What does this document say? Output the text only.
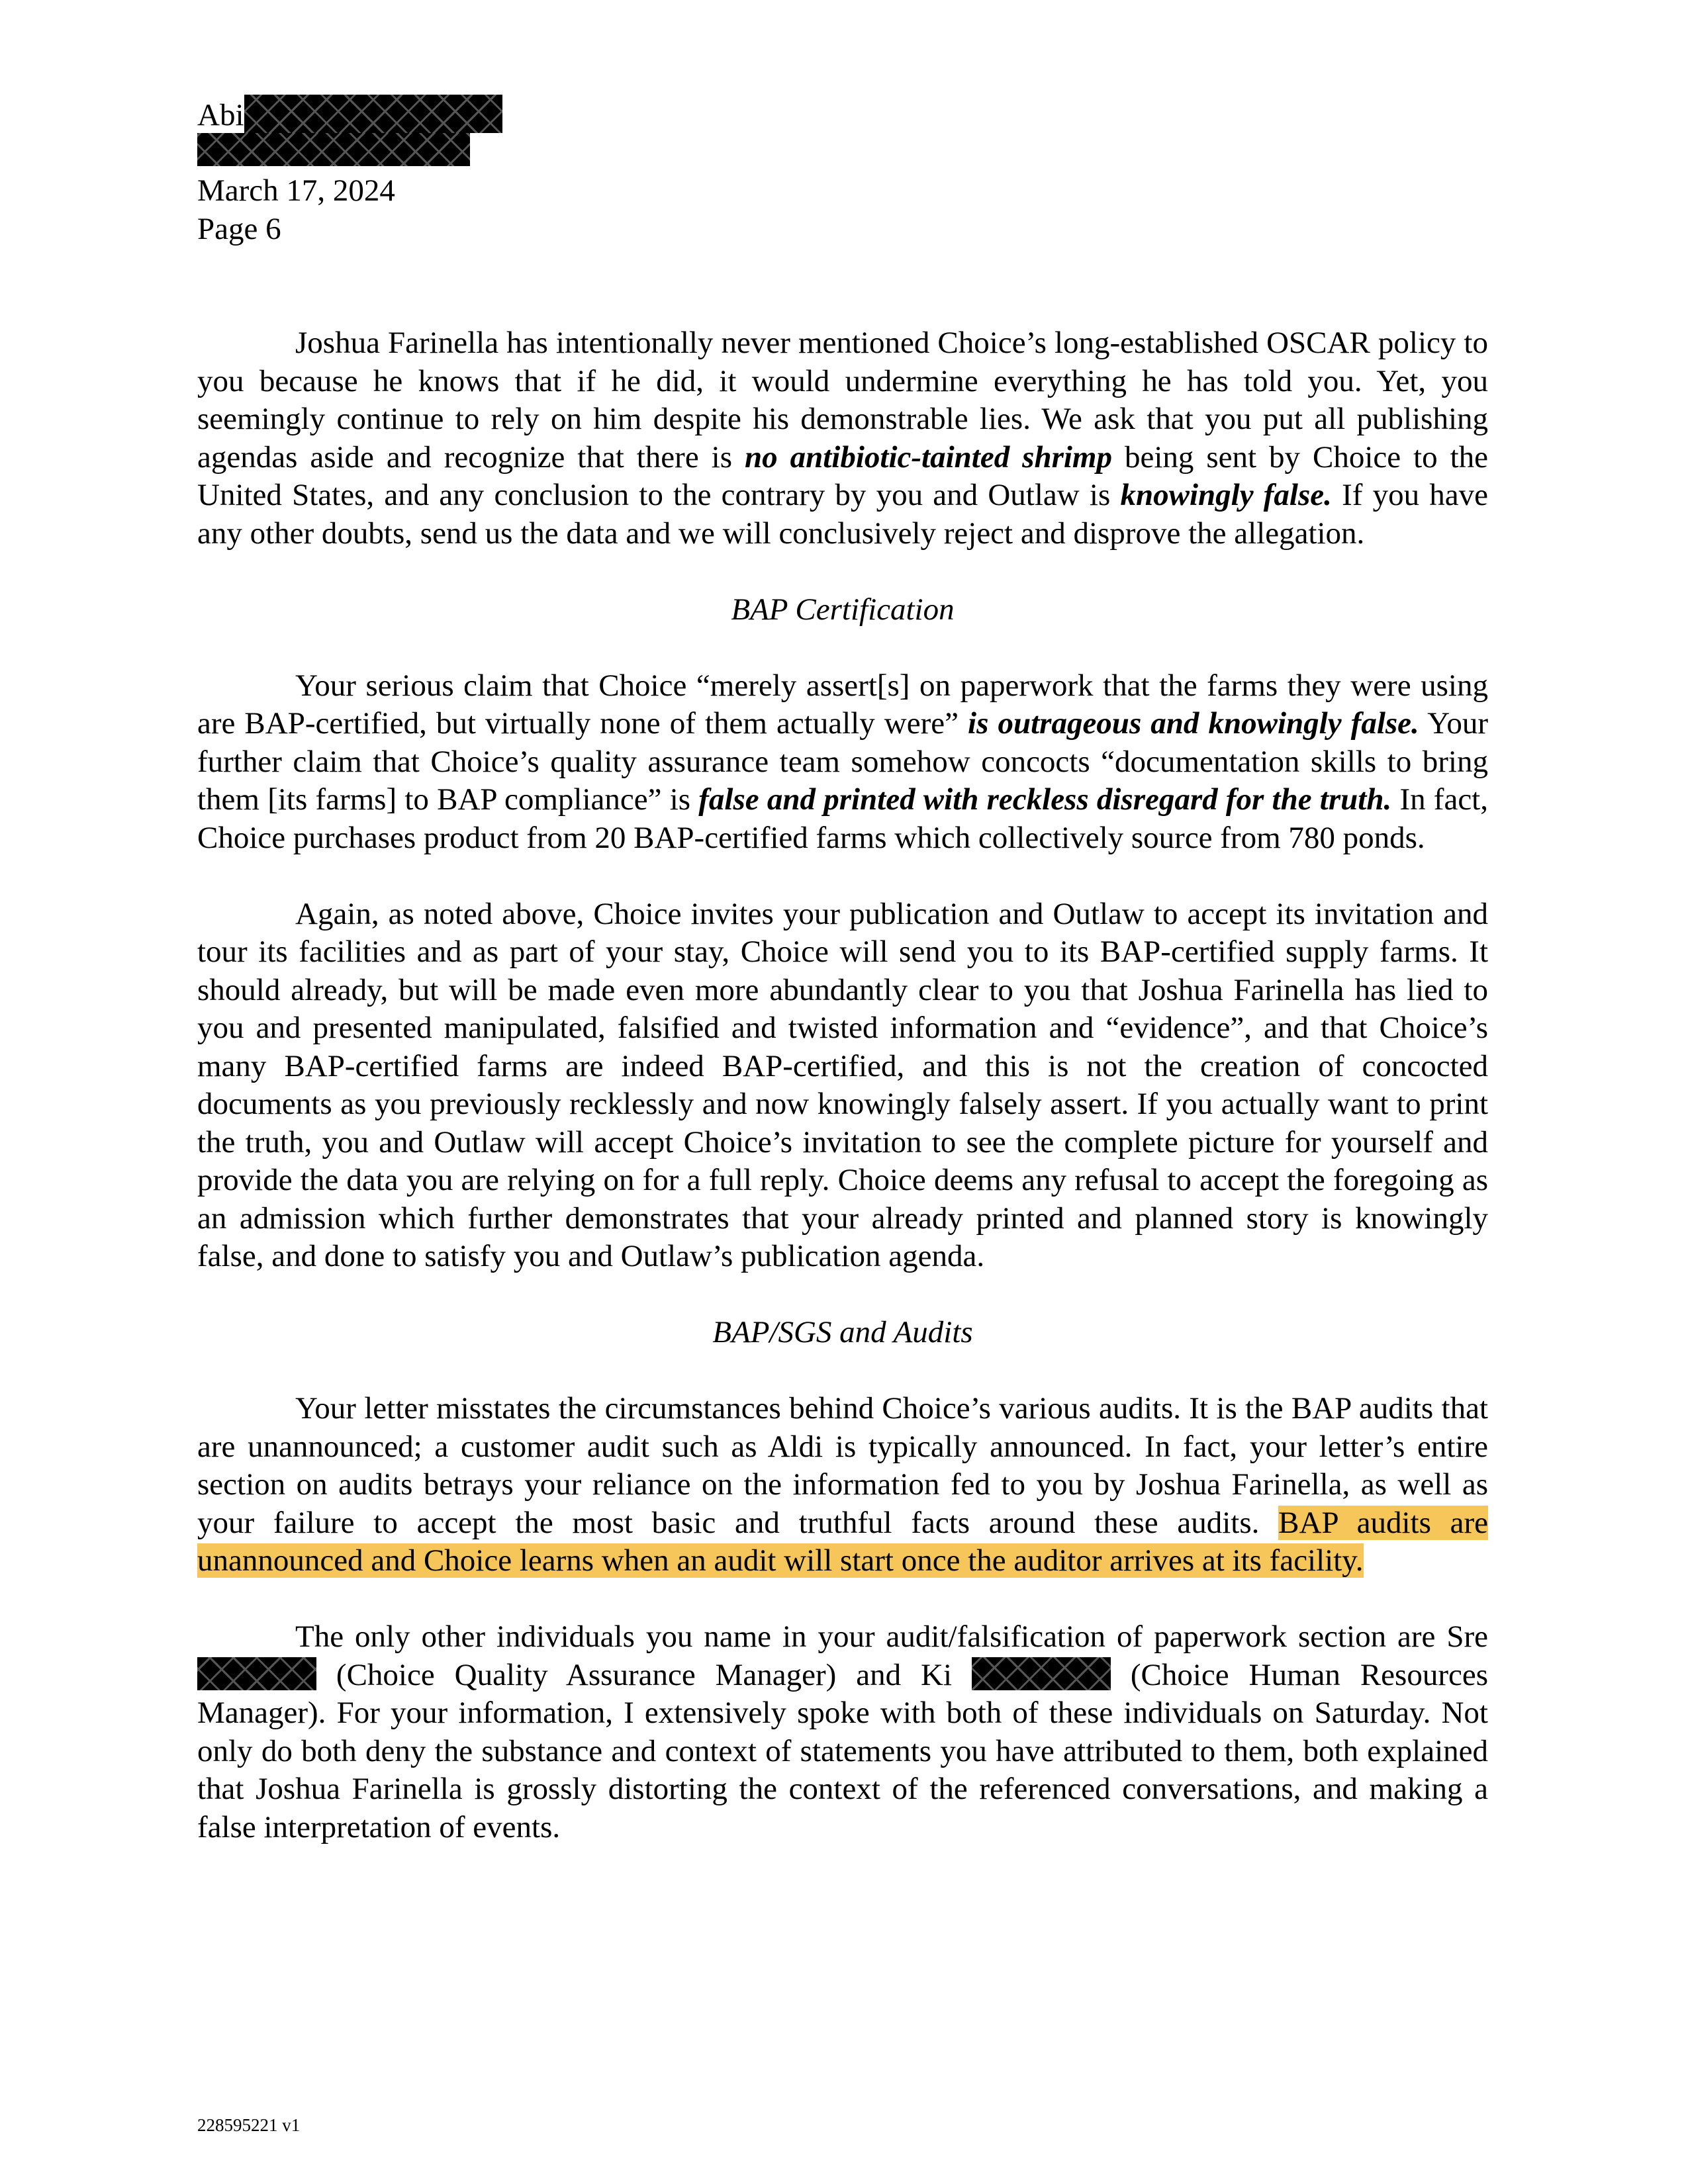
Abi
March 17, 2024
Page 6

Joshua Farinella has intentionally never mentioned Choice’s long-established OSCAR policy to you because he knows that if he did, it would undermine everything he has told you. Yet, you seemingly continue to rely on him despite his demonstrable lies. We ask that you put all publishing agendas aside and recognize that there is no antibiotic-tainted shrimp being sent by Choice to the United States, and any conclusion to the contrary by you and Outlaw is knowingly false. If you have any other doubts, send us the data and we will conclusively reject and disprove the allegation.

BAP Certification

Your serious claim that Choice “merely assert[s] on paperwork that the farms they were using are BAP-certified, but virtually none of them actually were” is outrageous and knowingly false. Your further claim that Choice’s quality assurance team somehow concocts “documentation skills to bring them [its farms] to BAP compliance” is false and printed with reckless disregard for the truth. In fact, Choice purchases product from 20 BAP-certified farms which collectively source from 780 ponds.

Again, as noted above, Choice invites your publication and Outlaw to accept its invitation and tour its facilities and as part of your stay, Choice will send you to its BAP-certified supply farms. It should already, but will be made even more abundantly clear to you that Joshua Farinella has lied to you and presented manipulated, falsified and twisted information and “evidence”, and that Choice’s many BAP-certified farms are indeed BAP-certified, and this is not the creation of concocted documents as you previously recklessly and now knowingly falsely assert. If you actually want to print the truth, you and Outlaw will accept Choice’s invitation to see the complete picture for yourself and provide the data you are relying on for a full reply. Choice deems any refusal to accept the foregoing as an admission which further demonstrates that your already printed and planned story is knowingly false, and done to satisfy you and Outlaw’s publication agenda.

BAP/SGS and Audits

Your letter misstates the circumstances behind Choice’s various audits. It is the BAP audits that are unannounced; a customer audit such as Aldi is typically announced. In fact, your letter’s entire section on audits betrays your reliance on the information fed to you by Joshua Farinella, as well as your failure to accept the most basic and truthful facts around these audits. BAP audits are unannounced and Choice learns when an audit will start once the auditor arrives at its facility.

The only other individuals you name in your audit/falsification of paperwork section are Sre (Choice Quality Assurance Manager) and Ki	(Choice Human Resources Manager). For your information, I extensively spoke with both of these individuals on Saturday. Not only do both deny the substance and context of statements you have attributed to them, both explained that Joshua Farinella is grossly distorting the context of the referenced conversations, and making a false interpretation of events.

228595221 v1
